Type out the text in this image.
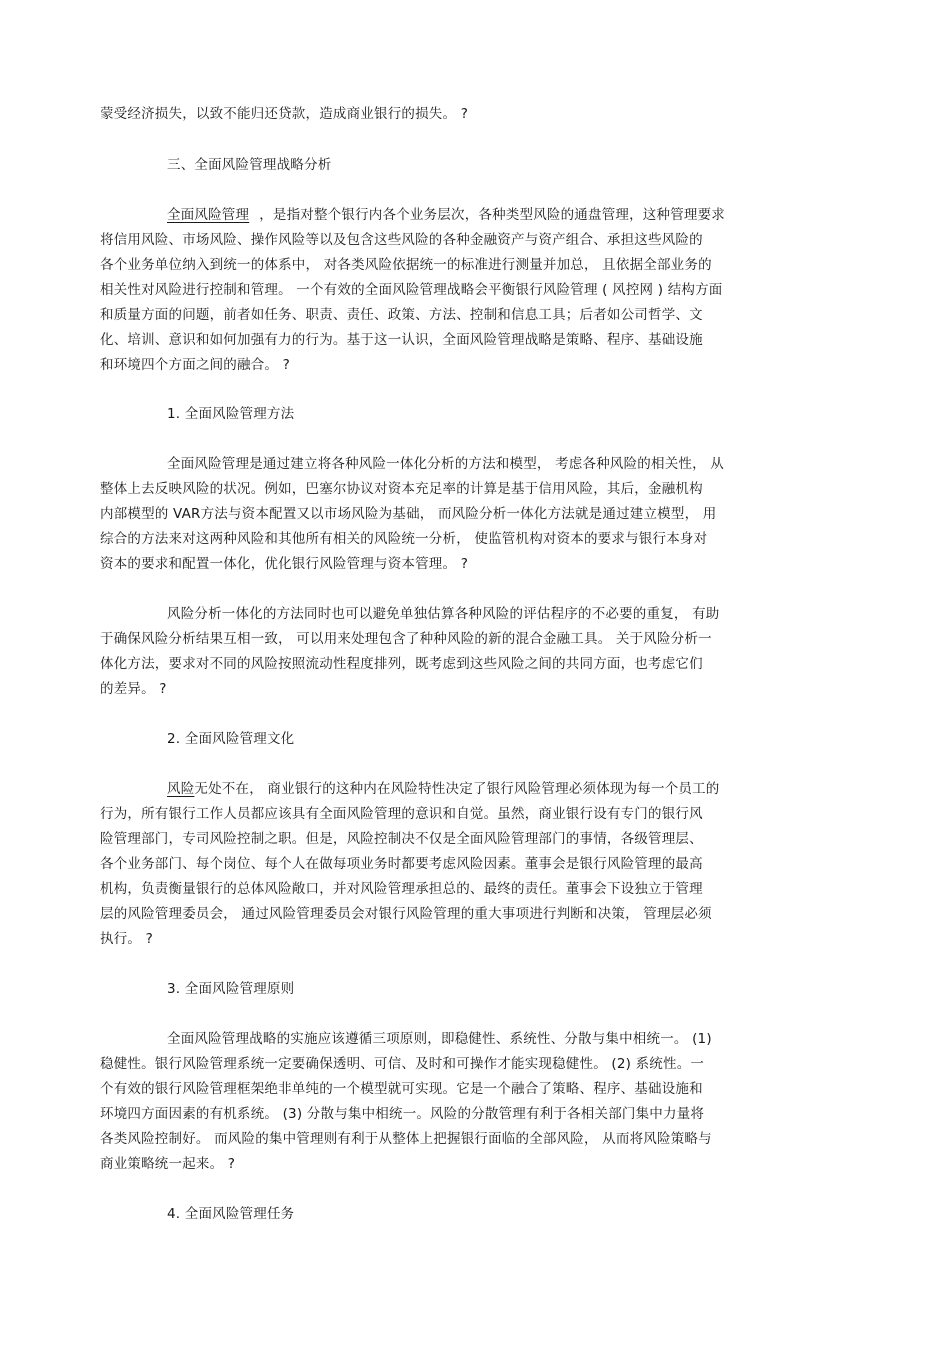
蒙受经济损失，以致不能归还贷款，造成商业银行的损失。 ?
三、全面风险管理战略分析
全面风险管理 ，是指对整个银行内各个业务层次，各种类型风险的通盘管理，这种管理要求
将信用风险、市场风险、操作风险等以及包含这些风险的各种金融资产与资产组合、承担这些风险的
各个业务单位纳入到统一的体系中， 对各类风险依据统一的标准进行测量并加总， 且依据全部业务的
相关性对风险进行控制和管理。 一个有效的全面风险管理战略会平衡银行风险管理 ( 风控网 ) 结构方面
和质量方面的问题，前者如任务、职责、责任、政策、方法、控制和信息工具；后者如公司哲学、文
化、培训、意识和如何加强有力的行为。基于这一认识，全面风险管理战略是策略、程序、基础设施
和环境四个方面之间的融合。 ?
1. 全面风险管理方法
全面风险管理是通过建立将各种风险一体化分析的方法和模型， 考虑各种风险的相关性， 从
整体上去反映风险的状况。例如，巴塞尔协议对资本充足率的计算是基于信用风险，其后，金融机构
内部模型的 VAR方法与资本配置又以市场风险为基础， 而风险分析一体化方法就是通过建立模型， 用
综合的方法来对这两种风险和其他所有相关的风险统一分析， 使监管机构对资本的要求与银行本身对
资本的要求和配置一体化，优化银行风险管理与资本管理。 ?
风险分析一体化的方法同时也可以避免单独估算各种风险的评估程序的不必要的重复， 有助
于确保风险分析结果互相一致， 可以用来处理包含了种种风险的新的混合金融工具。 关于风险分析一
体化方法，要求对不同的风险按照流动性程度排列，既考虑到这些风险之间的共同方面，也考虑它们
的差异。 ?
2. 全面风险管理文化
风险无处不在， 商业银行的这种内在风险特性决定了银行风险管理必须体现为每一个员工的
行为，所有银行工作人员都应该具有全面风险管理的意识和自觉。虽然，商业银行设有专门的银行风
险管理部门，专司风险控制之职。但是，风险控制决不仅是全面风险管理部门的事情，各级管理层、
各个业务部门、每个岗位、每个人在做每项业务时都要考虑风险因素。董事会是银行风险管理的最高
机构，负责衡量银行的总体风险敞口，并对风险管理承担总的、最终的责任。董事会下设独立于管理
层的风险管理委员会， 通过风险管理委员会对银行风险管理的重大事项进行判断和决策， 管理层必须
执行。 ?
3. 全面风险管理原则
全面风险管理战略的实施应该遵循三项原则，即稳健性、系统性、分散与集中相统一。 (1)
稳健性。银行风险管理系统一定要确保透明、可信、及时和可操作才能实现稳健性。 (2) 系统性。一
个有效的银行风险管理框架绝非单纯的一个模型就可实现。它是一个融合了策略、程序、基础设施和
环境四方面因素的有机系统。 (3) 分散与集中相统一。风险的分散管理有利于各相关部门集中力量将
各类风险控制好。 而风险的集中管理则有利于从整体上把握银行面临的全部风险， 从而将风险策略与
商业策略统一起来。 ?
4. 全面风险管理任务
